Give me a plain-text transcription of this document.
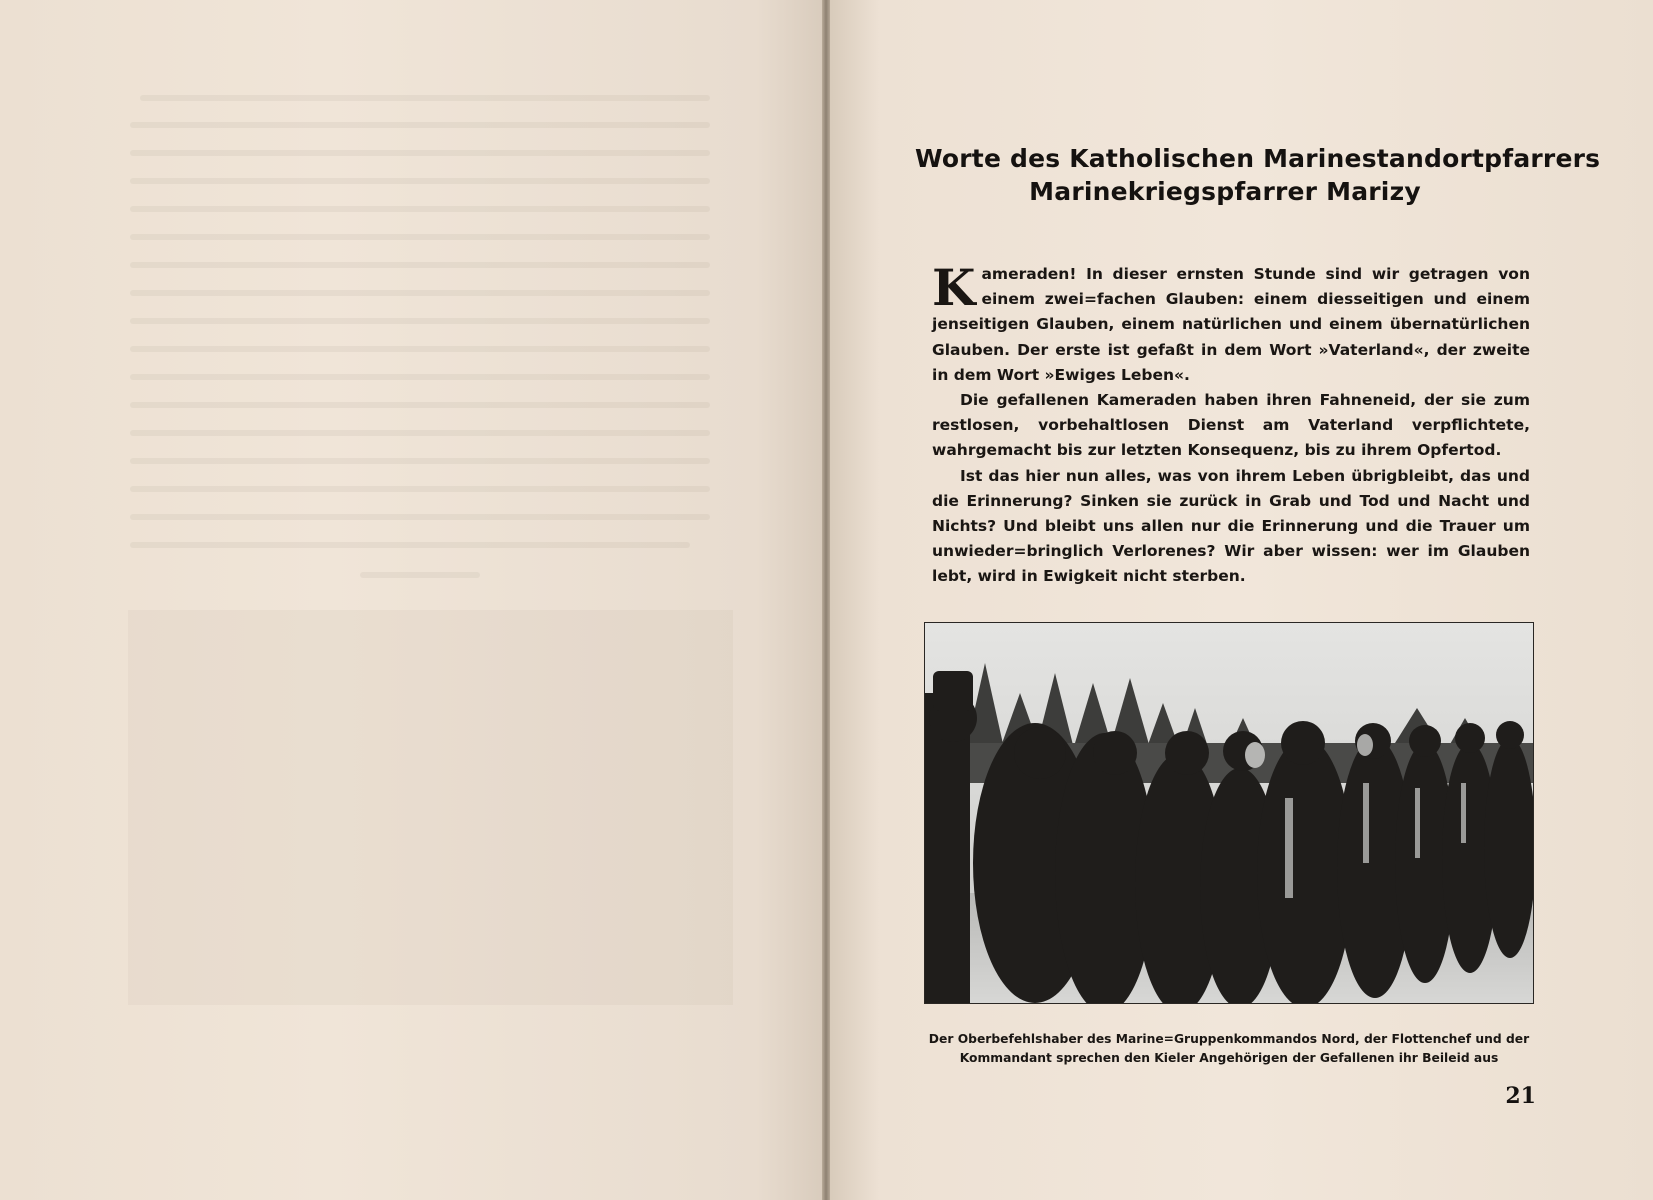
Worte des Katholischen Marinestandortpfarrers
Marinekriegspfarrer Marizy

Kameraden! In dieser ernsten Stunde sind wir getragen von einem zwei=fachen Glauben: einem diesseitigen und einem jenseitigen Glauben, einem natürlichen und einem übernatürlichen Glauben. Der erste ist gefaßt in dem Wort »Vaterland«, der zweite in dem Wort »Ewiges Leben«.

Die gefallenen Kameraden haben ihren Fahneneid, der sie zum restlosen, vorbehaltlosen Dienst am Vaterland verpflichtete, wahrgemacht bis zur letzten Konsequenz, bis zu ihrem Opfertod.

Ist das hier nun alles, was von ihrem Leben übrigbleibt, das und die Erinnerung? Sinken sie zurück in Grab und Tod und Nacht und Nichts? Und bleibt uns allen nur die Erinnerung und die Trauer um unwieder=bringlich Verlorenes? Wir aber wissen: wer im Glauben lebt, wird in Ewigkeit nicht sterben.

Der Oberbefehlshaber des Marine=Gruppenkommandos Nord, der Flottenchef und der
Kommandant sprechen den Kieler Angehörigen der Gefallenen ihr Beileid aus
21
